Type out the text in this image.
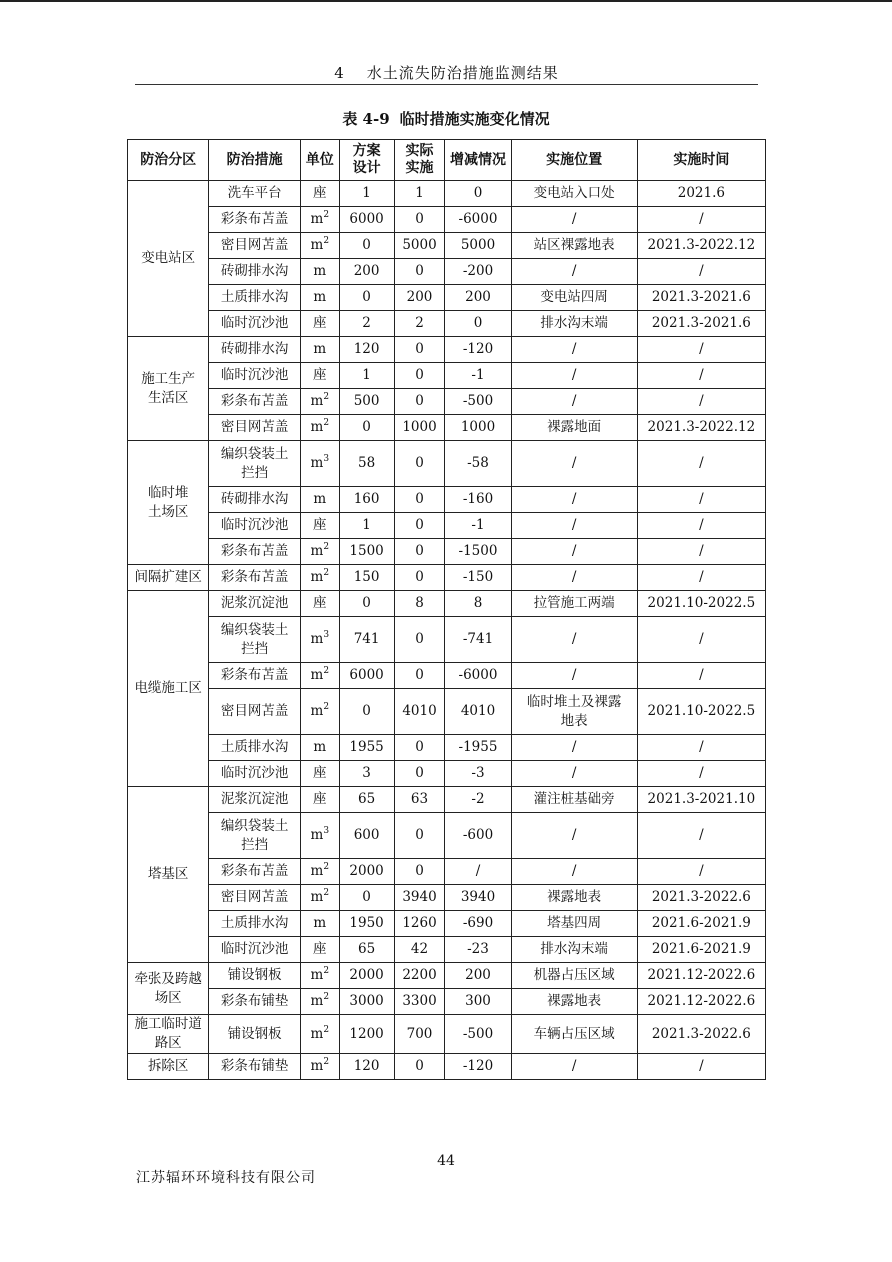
4 水土流失防治措施监测结果
表 4-9 临时措施实施变化情况
防治分区	防治措施	单位	方案设计	实际实施	增减情况	实施位置	实施时间
变电站区	洗车平台	座	1	1	0	变电站入口处	2021.6
	彩条布苫盖	$m^2$	6000	0	-6000	/	/
	密目网苫盖	$m^2$	0	5000	5000	站区裸露地表	2021.3-2022.12
	砖砌排水沟	m	200	0	-200	/	/
	土质排水沟	m	0	200	200	变电站四周	2021.3-2021.6
	临时沉沙池	座	2	2	0	排水沟末端	2021.3-2021.6
施工生产生活区	砖砌排水沟	m	120	0	-120	/	/
	临时沉沙池	座	1	0	-1	/	/
	彩条布苫盖	$m^2$	500	0	-500	/	/
	密目网苫盖	$m^2$	0	1000	1000	裸露地面	2021.3-2022.12
临时堆土场区	编织袋装土拦挡	$m^3$	58	0	-58	/	/
	砖砌排水沟	m	160	0	-160	/	/
	临时沉沙池	座	1	0	-1	/	/
	彩条布苫盖	$m^2$	1500	0	-1500	/	/
间隔扩建区	彩条布苫盖	$m^2$	150	0	-150	/	/
电缆施工区	泥浆沉淀池	座	0	8	8	拉管施工两端	2021.10-2022.5
	编织袋装土拦挡	$m^3$	741	0	-741	/	/
	彩条布苫盖	$m^2$	6000	0	-6000	/	/
	密目网苫盖	$m^2$	0	4010	4010	临时堆土及裸露地表	2021.10-2022.5
	土质排水沟	m	1955	0	-1955	/	/
	临时沉沙池	座	3	0	-3	/	/
塔基区	泥浆沉淀池	座	65	63	-2	灌注桩基础旁	2021.3-2021.10
	编织袋装土拦挡	$m^3$	600	0	-600	/	/
	彩条布苫盖	$m^2$	2000	0	/	/	/
	密目网苫盖	$m^2$	0	3940	3940	裸露地表	2021.3-2022.6
	土质排水沟	m	1950	1260	-690	塔基四周	2021.6-2021.9
	临时沉沙池	座	65	42	-23	排水沟末端	2021.6-2021.9
牵张及跨越场区	铺设钢板	$m^2$	2000	2200	200	机器占压区域	2021.12-2022.6
	彩条布铺垫	$m^2$	3000	3300	300	裸露地表	2021.12-2022.6
施工临时道路区	铺设钢板	$m^2$	1200	700	-500	车辆占压区域	2021.3-2022.6
拆除区	彩条布铺垫	$m^2$	120	0	-120	/	/
44
江苏辐环环境科技有限公司
